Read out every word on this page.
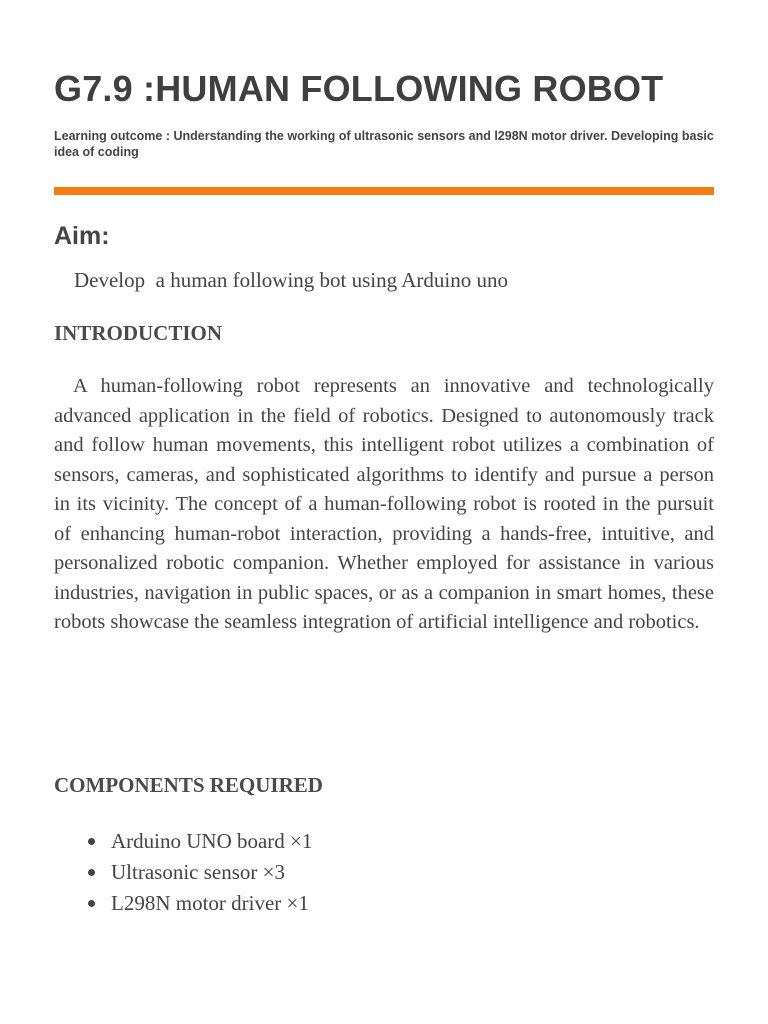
G7.9 :HUMAN FOLLOWING ROBOT

Learning outcome : Understanding the working of ultrasonic sensors and l298N motor driver. Developing basic idea of coding

Aim:

Develop  a human following bot using Arduino uno

INTRODUCTION

A human-following robot represents an innovative and technologically advanced application in the field of robotics. Designed to autonomously track and follow human movements, this intelligent robot utilizes a combination of sensors, cameras, and sophisticated algorithms to identify and pursue a person in its vicinity. The concept of a human-following robot is rooted in the pursuit of enhancing human-robot interaction, providing a hands-free, intuitive, and personalized robotic companion. Whether employed for assistance in various industries, navigation in public spaces, or as a companion in smart homes, these robots showcase the seamless integration of artificial intelligence and robotics.

COMPONENTS REQUIRED
Arduino UNO board ×1
Ultrasonic sensor ×3
L298N motor driver ×1
